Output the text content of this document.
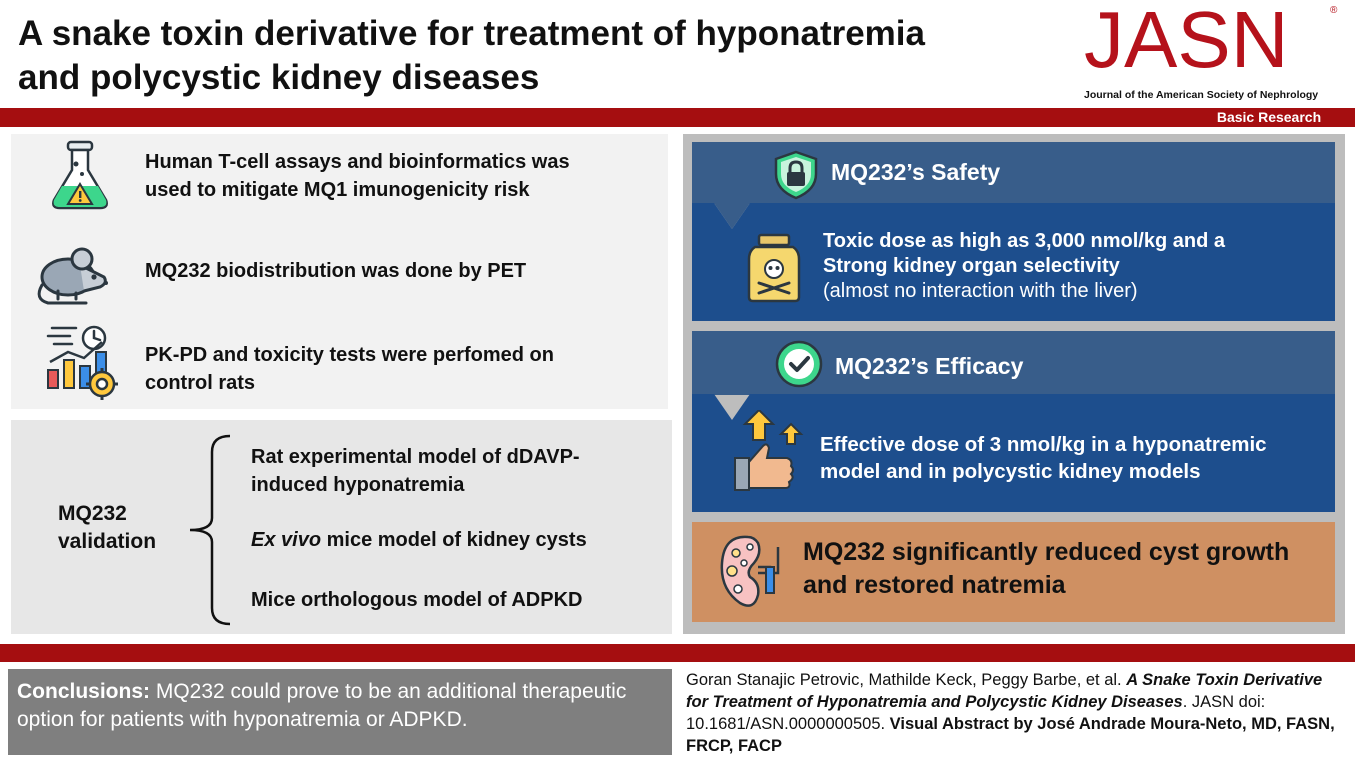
A snake toxin derivative for treatment of hyponatremia
and polycystic kidney diseases	JASN	®
Journal of the American Society of Nephrology
Basic Research
Human T-cell assays and bioinformatics was
used to mitigate MQ1 imunogenicity risk
MQ232 biodistribution was done by PET
PK-PD and toxicity tests were perfomed on
control rats
MQ232
validation
Rat experimental model of dDAVP-
induced hyponatremia
Ex vivo mice model of kidney cysts
Mice orthologous model of ADPKD
MQ232’s Safety
Toxic dose as high as 3,000 nmol/kg and a
Strong kidney organ selectivity
(almost no interaction with the liver)
MQ232’s Efficacy
Effective dose of 3 nmol/kg in a hyponatremic
model and in polycystic kidney models
MQ232 significantly reduced cyst growth
and restored natremia
Conclusions: MQ232 could prove to be an additional therapeutic option for patients with hyponatremia or ADPKD.
Goran Stanajic Petrovic, Mathilde Keck, Peggy Barbe, et al. A Snake Toxin Derivative for Treatment of Hyponatremia and Polycystic Kidney Diseases. JASN doi: 10.1681/ASN.0000000505. Visual Abstract by José Andrade Moura-Neto, MD, FASN, FRCP, FACP
